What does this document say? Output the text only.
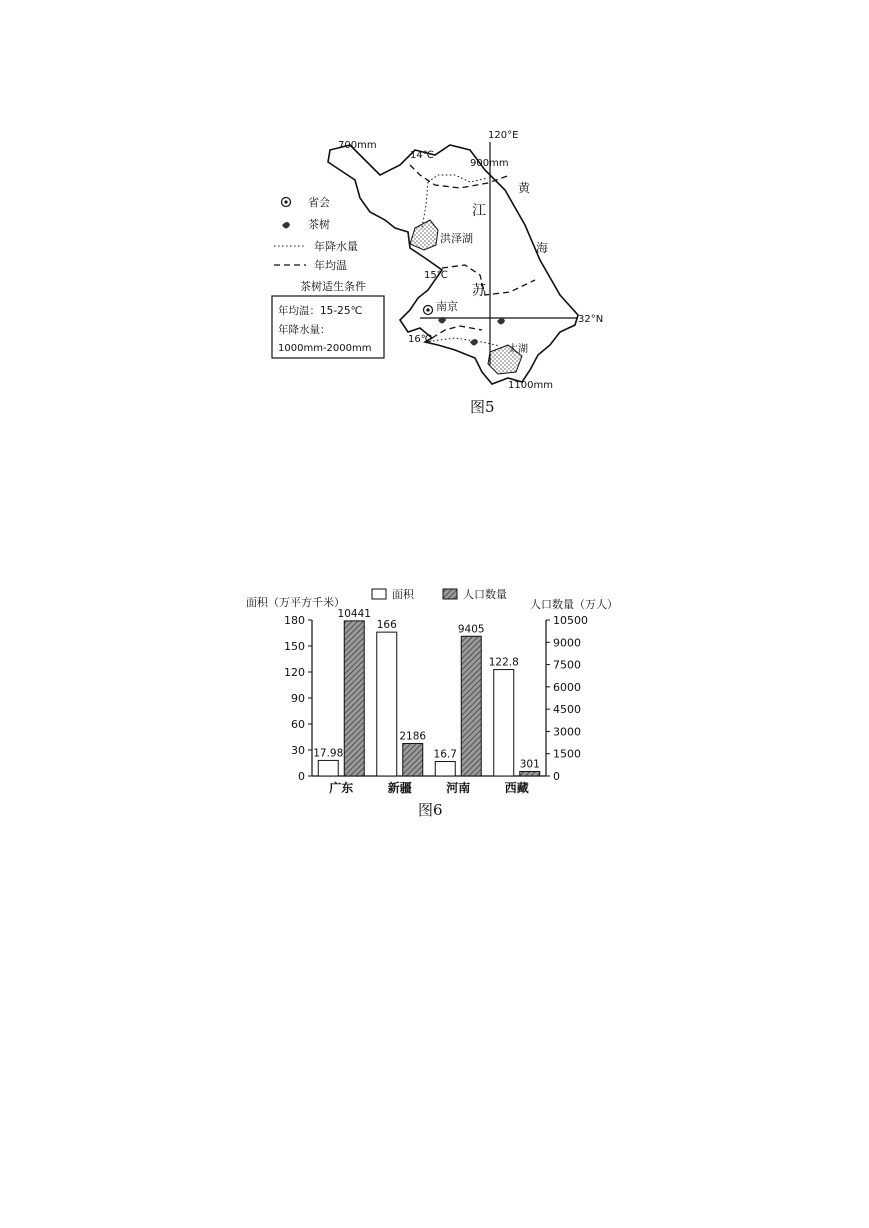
120°E
32°N
700mm
900mm
1100mm
14℃
15℃
16℃
江
苏
黄
海
洪泽湖
太湖
南京
省会
茶树
年降水量
年均温
茶树适生条件
年均温：15-25℃
年降水量：
1000mm-2000mm
图5
面积（万平方千米）	人口数量（万人）
面积	人口数量
0
30
60
90
120
150
180
0
1500
3000
4500
6000
7500
9000
10500
17.98
10441
广东
166
2186
新疆
16.7
9405
河南
122.8
301
西藏
图6
